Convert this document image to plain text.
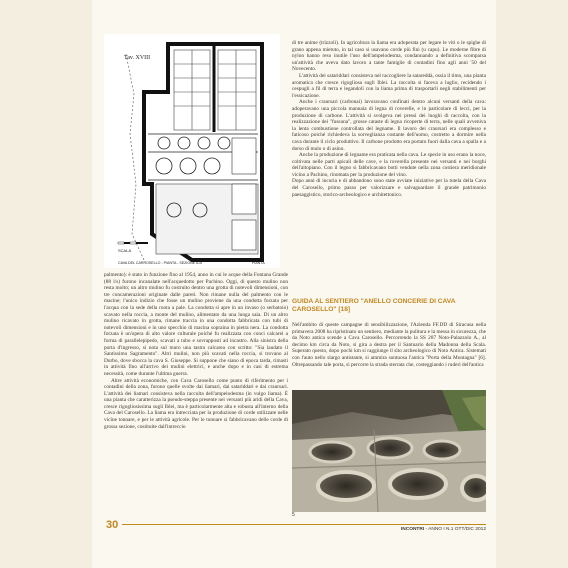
Tav. XVIII
SCALA
CAVA DEL CARROSELLO - PIANTA - SEZIONE A-B	PIANTA

palmento): è stato in funzione fino al 1954, anno in cui le acque della Fontana Grande (88 l/s) furono incanalate nell'acquedotto per Pachino. Oggi, di questo mulino non resta molto; un altro mulino fu costruito dentro una grotta di notevoli dimensioni, con tre concamerazioni originate dalle pareti. Non rimane nulla del palmento con le macine; l'unico indizio che fosse un mulino proviene da una condotta forzata per l'acqua con la sede della ruota a pale. La condotta si apre in un invaso (o serbatoio) scavato nella roccia, a monte del mulino, alimentato da una lunga saia. Di un altro mulino ricavato in grotta, rimane traccia in una condotta fabbricata con tubi di notevoli dimensioni e in uno specchio di macina sopraina in pietra nera. La condotta forzata è un'opera di alto valore culturale poiché fu realizzata con conci calcarei a forma di parallelepipedo, scavati a tubo e sovrapposti ad incastro. Alla sinistra della porta d'ingresso, si nota sul muro una tastra calcarea con scritto: "Sia laudato il Santissimo Sagramento". Altri mulini, non più scavati nella roccia, si trovano al Durbo, dove sbocca la cava S. Giuseppe. Si suppone che siano di epoca tarda, rimasti in attività fino all'arrivo dei mulini elettrici, e anche dopo e in casi di estrema necessità, come durante l'ultima guerra.

Altre attività economiche, con Cava Carosello come punto di riferimento per i contadini della zona, furono quelle svolte dai liamari, dai satariddari e dai craursari. L'attività dei liamari consisteva nella raccolta dell'ampelodesma (in vulgo liama). È una pianta che caratterizza la pseudo-steppa presente nei versanti più aridi della Cava, cresce rigogliosissima sugli Iblei, ma è particolarmente alta e robusta all'interno della Cava del Carosello. La liama era intrecciata per la produzione di corde utilizzate nelle vicine tonnare, e per le attività agricole. Per le tonnare si fabbricavano delle corde di grossa sezione, costituite dall'intreccio

di tre anime (trizzoli). In agricoltura la liama era adoperata per legare le viti o le spighe di grano appena mietuto, in tal caso si usavano corde più fini (u capu). Le moderne fibre di nylon hanno reso inutile l'uso dell'ampelodesma, condannando a definitiva scomparsa un'attività che aveva dato lavoro a tante famiglie di contadini fino agli anni '50 del Novecento.

L'attività dei satariddari consisteva nel raccogliere la satareddà, ossia il timo, una pianta aromatica che cresce rigogliosa sugli Iblei. La raccolta si faceva a luglio, recidendo i cespugli a fil di terra e legandoli con la liama prima di trasportarli negli stabilimenti per l'essicazione.

Anche i craursari (carbonai) lavoravano confinati dentro alcuni versanti della cava: adoperavano una piccola mannaia di legna di roverelle, e in particolare di lecci, per la produzione di carbone. L'attività si svolgeva nei pressi dei luoghi di raccolta, con la realizzazione dei "fussuna", grosse cataste di legna ricoperte di terra, nelle quali avveniva la lenta combustione controllata del legname. Il lavoro dei craursari era complesso e faticoso poiché richiedeva la sorveglianza costante dell'uomo, costretto a dormire nella cava durante il ciclo produttivo. Il carbone prodotto era portato fuori dalla cava a spalla e a dorso di mulo o di asino.

Anche la produzione di legname era praticata nella cava. Le specie in uso erano la noce, coltivata nelle parti apicali delle cave, e la roverella presente nei versanti e nei borghi dell'altopiano. Con il legno si fabbricavano botti vendute nella zona costiera meridionale vicino a Pachino, rinomata per la produzione del vino.

Dopo anni di incuria e di abbandono sono state avviate iniziative per la tutela della Cava del Carosello, primo passo per valorizzare e salvaguardare il grande patrimonio paesaggistico, storico-archeologico e architettonico.

GUIDA AL SENTIERO "ANELLO CONCERIE DI CAVA CAROSELLO" [18]

Nell'ambito di queste campagne di sensibilizzazione, l'Azienda FF.DD di Siracusa nella primavera 2008 ha ripristinato un sentiero, mediante la pulitura e la messa in sicurezza, che da Noto antica scende a Cava Carosello. Percorrendo la SS 287 Noto-Palazzolo A., al decimo km circa da Noto, si gira a destra per il Santuario della Madonna della Scala. Superato questo, dopo pochi km si raggiunge il sito archeologico di Noto Antica. Sistemati con l'auto nello slargo antistante, si ammira sontuosa l'antica "Porta della Montagna" [6]. Oltrepassando tale porta, si percorre la strada sterrata che, costeggiando i ruderi dell'antica

5
30	INCONTRI - ANNO I N.1 OTT/DIC 2012
